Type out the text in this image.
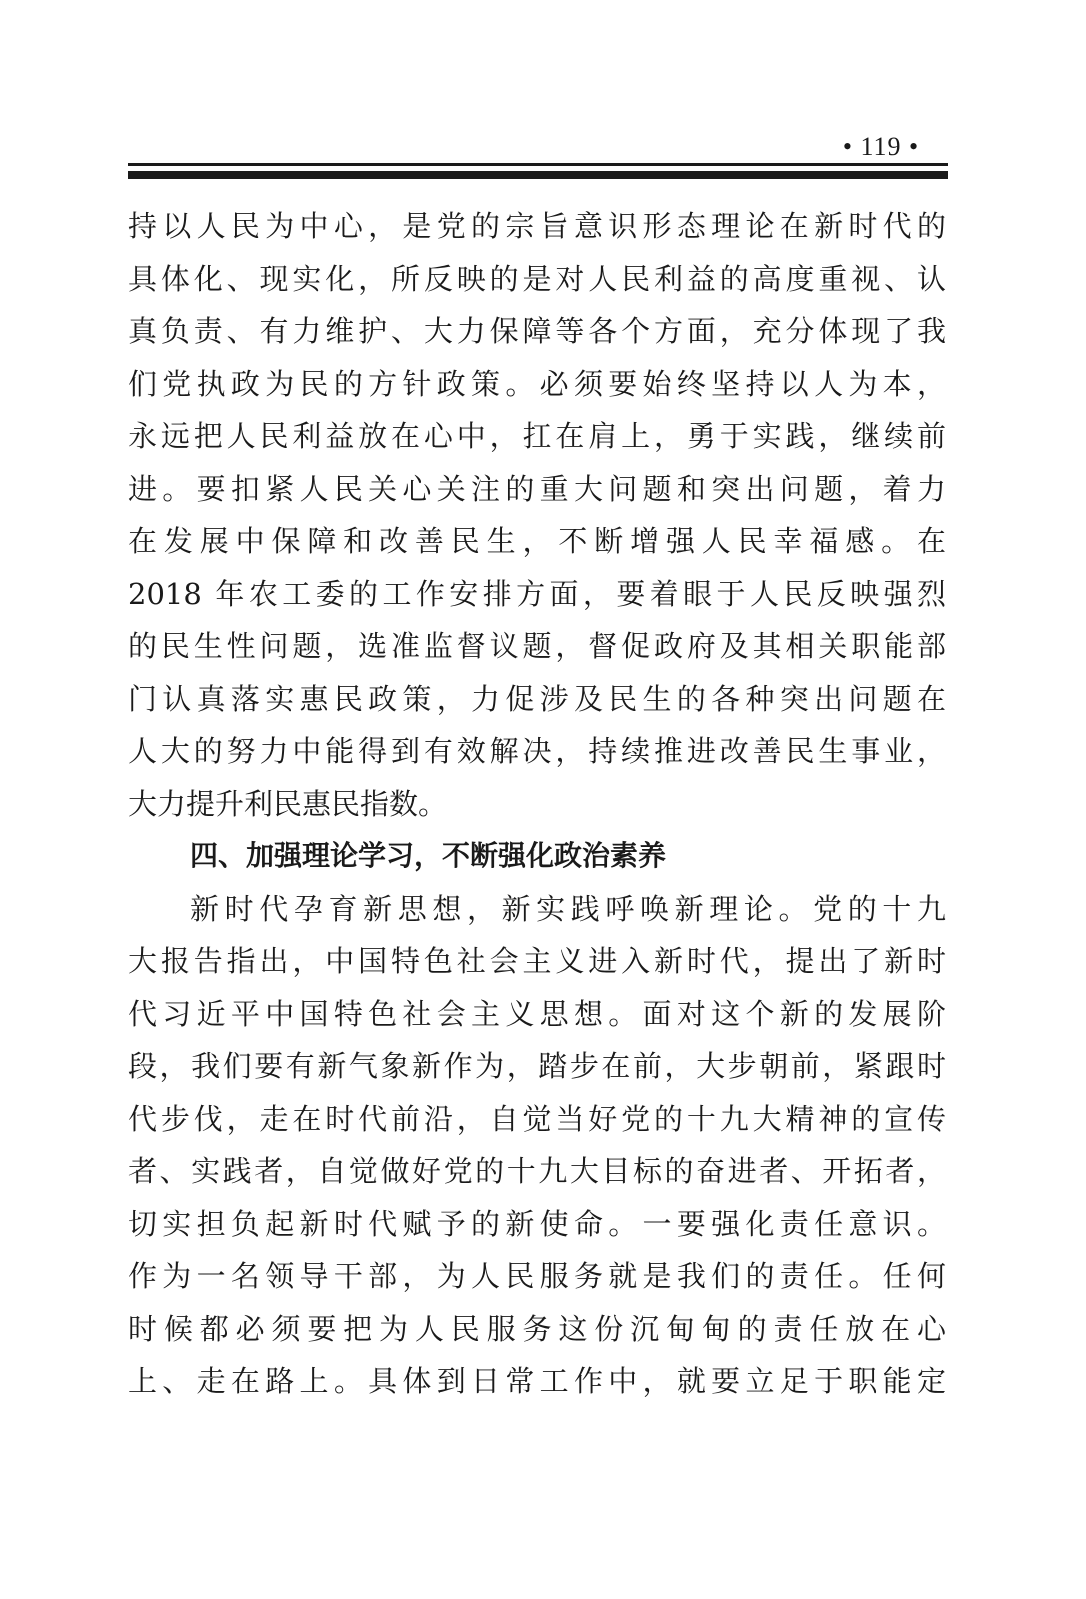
• 119 •
持以人民为中心，是党的宗旨意识形态理论在新时代的
具体化、现实化，所反映的是对人民利益的高度重视、认
真负责、有力维护、大力保障等各个方面，充分体现了我
们党执政为民的方针政策。必须要始终坚持以人为本，
永远把人民利益放在心中，扛在肩上，勇于实践，继续前
进。要扣紧人民关心关注的重大问题和突出问题，着力
在发展中保障和改善民生，不断增强人民幸福感。在
2018 年农工委的工作安排方面，要着眼于人民反映强烈
的民生性问题，选准监督议题，督促政府及其相关职能部
门认真落实惠民政策，力促涉及民生的各种突出问题在
人大的努力中能得到有效解决，持续推进改善民生事业，
大力提升利民惠民指数。
四、加强理论学习，不断强化政治素养
新时代孕育新思想，新实践呼唤新理论。党的十九
大报告指出，中国特色社会主义进入新时代，提出了新时
代习近平中国特色社会主义思想。面对这个新的发展阶
段，我们要有新气象新作为，踏步在前，大步朝前，紧跟时
代步伐，走在时代前沿，自觉当好党的十九大精神的宣传
者、实践者，自觉做好党的十九大目标的奋进者、开拓者，
切实担负起新时代赋予的新使命。一要强化责任意识。
作为一名领导干部，为人民服务就是我们的责任。任何
时候都必须要把为人民服务这份沉甸甸的责任放在心
上、走在路上。具体到日常工作中，就要立足于职能定
